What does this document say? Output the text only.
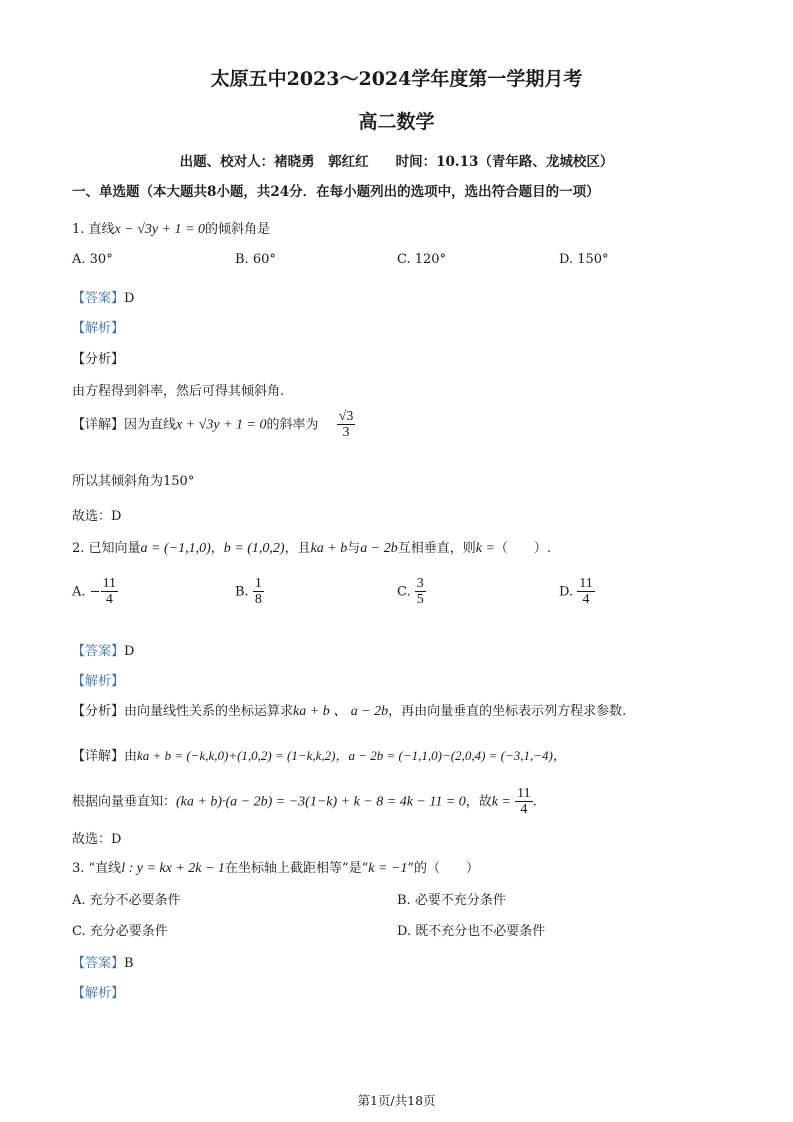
太原五中2023～2024学年度第一学期月考
高二数学
出题、校对人：褚晓勇　郭红红　　时间：10.13（青年路、龙城校区）
一、单选题（本大题共8小题，共24分．在每小题列出的选项中，选出符合题目的一项）
1. 直线x − √3y + 1 = 0的倾斜角是
A. 30°	B. 60°	C. 120°	D. 150°
【答案】D
【解析】
【分析】
由方程得到斜率，然后可得其倾斜角.
【详解】因为直线x + √3y + 1 = 0的斜率为 $\frac{√3}{3}$
所以其倾斜角为150°
故选：D
2. 已知向量a = (−1,1,0)，b = (1,0,2)，且ka + b与a − 2b互相垂直，则k =（　　）.
A. − $\frac{11}{4}$	B. $\frac{1}{8}$	C. $\frac{3}{5}$	D. $\frac{11}{4}$
【答案】D
【解析】
【分析】由向量线性关系的坐标运算求ka + b 、 a − 2b，再由向量垂直的坐标表示列方程求参数.
【详解】由ka + b = (−k,k,0)+(1,0,2) = (1−k,k,2)，a − 2b = (−1,1,0)−(2,0,4) = (−3,1,−4)，
根据向量垂直知：(ka + b)·(a − 2b) = −3(1−k) + k − 8 = 4k − 11 = 0，故$k = \frac{11}{4}$ .
故选：D
3. “直线l : y = kx + 2k − 1在坐标轴上截距相等”是“k = −1”的（　　）
A. 充分不必要条件	B. 必要不充分条件
C. 充分必要条件	D. 既不充分也不必要条件
【答案】B
【解析】
第1页/共18页
